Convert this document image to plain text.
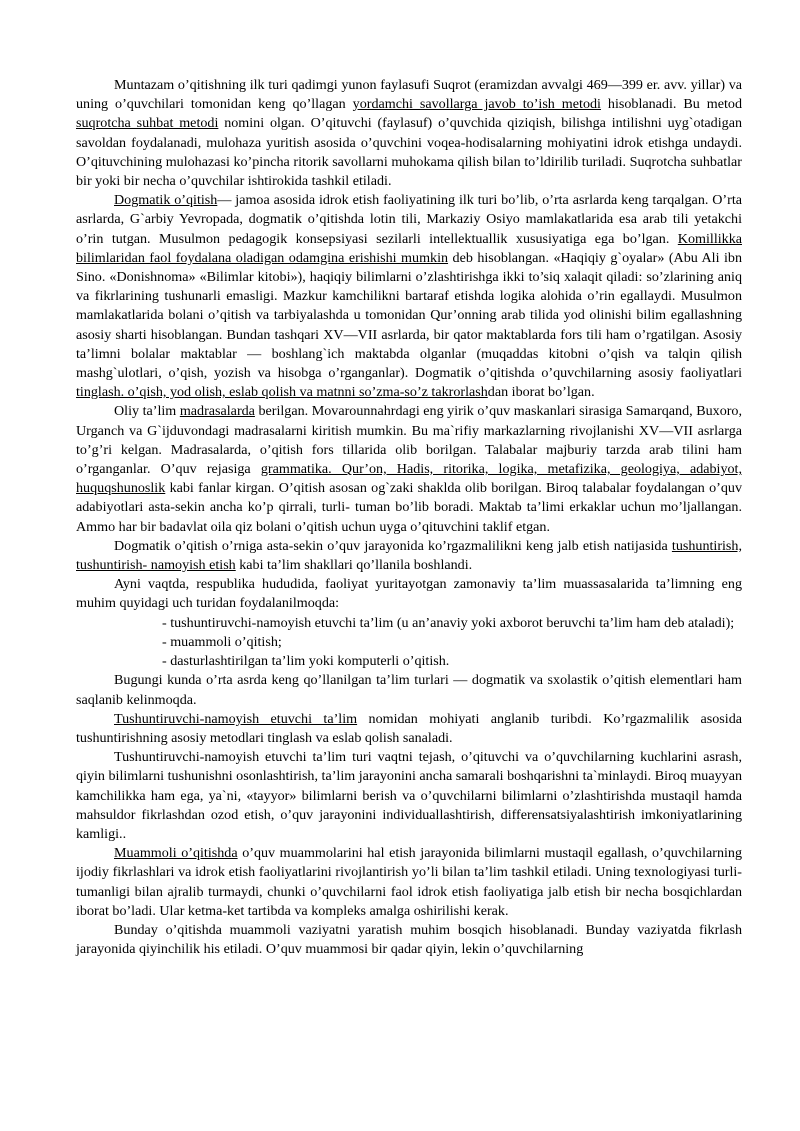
Muntazam o’qitishning ilk turi qadimgi yunon faylasufi Suqrot (eramizdan avvalgi 469—399 er. avv. yillar) va uning o’quvchilari tomonidan keng qo’llagan yordamchi savollarga javob to’ish metodi hisoblanadi. Bu metod suqrotcha suhbat metodi nomini olgan. O’qituvchi (faylasuf) o’quvchida qiziqish, bilishga intilishni uyg`otadigan savoldan foydalanadi, mulohaza yuritish asosida o’quvchini voqea-hodisalarning mohiyatini idrok etishga undaydi. O’qituvchining mulohazasi ko’pincha ritorik savollarni muhokama qilish bilan to’ldirilib turiladi. Suqrotcha suhbatlar bir yoki bir necha o’quvchilar ishtirokida tashkil etiladi.

Dogmatik o’qitish— jamoa asosida idrok etish faoliyatining ilk turi bo’lib, o’rta asrlarda keng tarqalgan. O’rta asrlarda, G`arbiy Yevropada, dogmatik o’qitishda lotin tili, Markaziy Osiyo mamlakatlarida esa arab tili yetakchi o’rin tutgan. Musulmon pedagogik konsepsiyasi sezilarli intellektuallik xususiyatiga ega bo’lgan. Komillikka bilimlaridan faol foydalana oladigan odamgina erishishi mumkin deb hisoblangan. «Haqiqiy g`oyalar» (Abu Ali ibn Sino. «Donishnoma» «Bilimlar kitobi»), haqiqiy bilimlarni o’zlashtirishga ikki to’siq xalaqit qiladi: so’zlarining aniq va fikrlarining tushunarli emasligi. Mazkur kamchilikni bartaraf etishda logika alohida o’rin egallaydi. Musulmon mamlakatlarida bolani o’qitish va tarbiyalashda u tomonidan Qur’onning arab tilida yod olinishi bilim egallashning asosiy sharti hisoblangan. Bundan tashqari XV—VII asrlarda, bir qator maktablarda fors tili ham o’rgatilgan. Asosiy ta’limni bolalar maktablar — boshlang`ich maktabda olganlar (muqaddas kitobni o’qish va talqin qilish mashg`ulotlari, o’qish, yozish va hisobga o’rganganlar). Dogmatik o’qitishda o’quvchilarning asosiy faoliyatlari tinglash. o’qish, yod olish, eslab qolish va matnni so’zma-so’z takrorlashdan iborat bo’lgan.

Oliy ta’lim madrasalarda berilgan. Movarounnahrdagi eng yirik o’quv maskanlari sirasiga Samarqand, Buxoro, Urganch va G`ijduvondagi madrasalarni kiritish mumkin. Bu ma`rifiy markazlarning rivojlanishi XV—VII asrlarga to’g’ri kelgan. Madrasalarda, o’qitish fors tillarida olib borilgan. Talabalar majburiy tarzda arab tilini ham o’rganganlar. O’quv rejasiga grammatika. Qur’on, Hadis, ritorika, logika, metafizika, geologiya, adabiyot, huquqshunoslik kabi fanlar kirgan. O’qitish asosan og`zaki shaklda olib borilgan. Biroq talabalar foydalangan o’quv adabiyotlari asta-sekin ancha ko’p qirrali, turli- tuman bo’lib boradi. Maktab ta’limi erkaklar uchun mo’ljallangan. Ammo har bir badavlat oila qiz bolani o’qitish uchun uyga o’qituvchini taklif etgan.

Dogmatik o’qitish o’rniga asta-sekin o’quv jarayonida ko’rgazmalilikni keng jalb etish natijasida tushuntirish, tushuntirish- namoyish etish kabi ta’lim shakllari qo’llanila boshlandi.

Ayni vaqtda, respublika hududida, faoliyat yuritayotgan zamonaviy ta’lim muassasalarida ta’limning eng muhim quyidagi uch turidan foydalanilmoqda:

- tushuntiruvchi-namoyish etuvchi ta’lim (u an’anaviy yoki axborot beruvchi ta’lim ham deb ataladi);

- muammoli o’qitish;

- dasturlashtirilgan ta’lim yoki komputerli o’qitish.

Bugungi kunda o’rta asrda keng qo’llanilgan ta’lim turlari — dogmatik va sxolastik o’qitish elementlari ham saqlanib kelinmoqda.

Tushuntiruvchi-namoyish etuvchi ta’lim nomidan mohiyati anglanib turibdi. Ko’rgazmalilik asosida tushuntirishning asosiy metodlari tinglash va eslab qolish sanaladi.

Tushuntiruvchi-namoyish etuvchi ta’lim turi vaqtni tejash, o’qituvchi va o’quvchilarning kuchlarini asrash, qiyin bilimlarni tushunishni osonlashtirish, ta’lim jarayonini ancha samarali boshqarishni ta`minlaydi. Biroq muayyan kamchilikka ham ega, ya`ni, «tayyor» bilimlarni berish va o’quvchilarni bilimlarni o’zlashtirishda mustaqil hamda mahsuldor fikrlashdan ozod etish, o’quv jarayonini individuallashtirish, differensatsiyalashtirish imkoniyatlarining kamligi..

Muammoli o’qitishda o’quv muammolarini hal etish jarayonida bilimlarni mustaqil egallash, o’quvchilarning ijodiy fikrlashlari va idrok etish faoliyatlarini rivojlantirish yo’li bilan ta’lim tashkil etiladi. Uning texnologiyasi turli-tumanligi bilan ajralib turmaydi, chunki o’quvchilarni faol idrok etish faoliyatiga jalb etish bir necha bosqichlardan iborat bo’ladi. Ular ketma-ket tartibda va kompleks amalga oshirilishi kerak.

Bunday o’qitishda muammoli vaziyatni yaratish muhim bosqich hisoblanadi. Bunday vaziyatda fikrlash jarayonida qiyinchilik his etiladi. O’quv muammosi bir qadar qiyin, lekin o’quvchilarning
